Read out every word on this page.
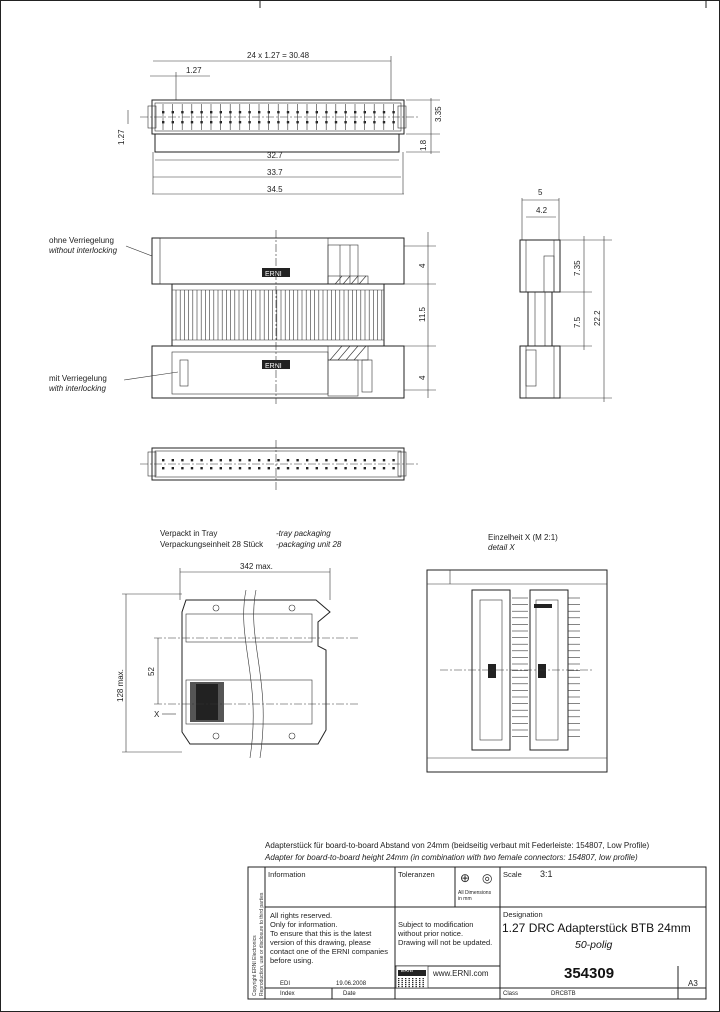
24 x 1.27 = 30.48
1.27
1.27
3.35
1.8
32.7
33.7
34.5
ohne Verriegelung
without interlocking
ERNI
ERNI
mit Verriegelung
with interlocking
4
11.5
4
5
4.2
7.35
7.5 22.2
Verpackt in Tray	-tray packaging
Verpackungseinheit 28 Stück -packaging unit 28
342 max.
128 max.	52
X
Einzelheit X (M 2:1)
detail X
Adapterstück für board-to-board Abstand von 24mm (beidseitig verbaut mit Federleiste: 154807, Low Profile)
Adapter for board-to-board height 24mm (in combination with two female connectors: 154807, low profile)
Information	Toleranzen
All Dimensions
in mm
⊕ ◎ Scale 3:1
All rights reserved.
Only for information.
To ensure that this is the latest version of this drawing, please contact one of the ERNI companies before using.
Subject to modification without prior notice.
Drawing will not be updated.
www.ERNI.com
ERNI
Designation
1.27 DRC Adapterstück BTB 24mm
50-polig
354309
A3
EDI	19.06.2008
Index	Date	Class	DRCBTB
Copyright ERNI Electronics Reproduction, use or disclosure to third parties
